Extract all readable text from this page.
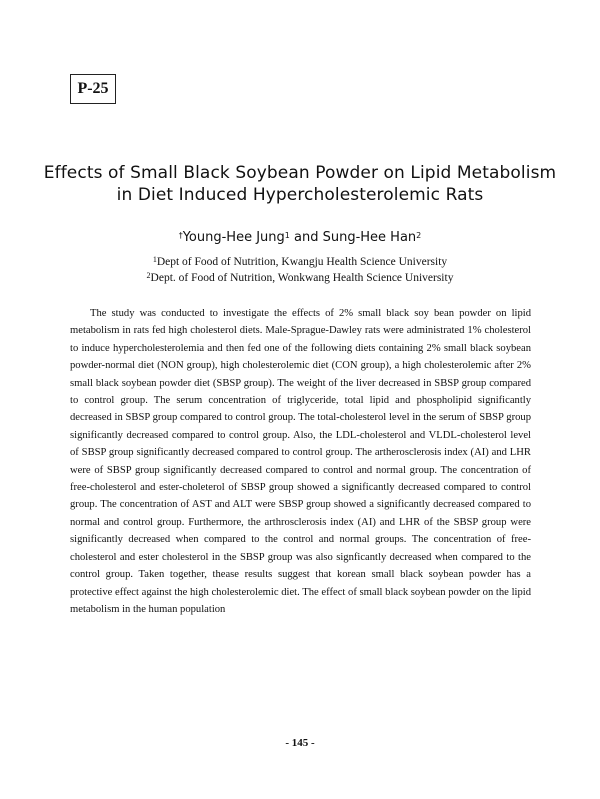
P-25
Effects of Small Black Soybean Powder on Lipid Metabolism
in Diet Induced Hypercholesterolemic Rats
†Young-Hee Jung$^1$ and Sung-Hee Han$^2$
$^1$Dept of Food of Nutrition, Kwangju Health Science University
$^2$Dept. of Food of Nutrition, Wonkwang Health Science University

The study was conducted to investigate the effects of 2% small black soy bean powder on lipid metabolism in rats fed high cholesterol diets. Male-Sprague-Dawley rats were administrated 1% cholesterol to induce hypercholesterolemia and then fed one of the following diets containing 2% small black soybean powder-normal diet (NON group), high cholesterolemic diet (CON group), a high cholesterolemic after 2% small black soybean powder diet (SBSP group). The weight of the liver decreased in SBSP group compared to control group. The serum concentration of triglyceride, total lipid and phospholipid significantly decreased in SBSP group compared to control group. The total-cholesterol level in the serum of SBSP group significantly decreased compared to control group. Also, the LDL-cholesterol and VLDL-cholesterol level of SBSP group significantly decreased compared to control group. The artherosclerosis index (AI) and LHR were of SBSP group significantly decreased compared to control and normal group. The concentration of free-cholesterol and ester-choleterol of SBSP group showed a significantly decreased compared to control group. The concentration of AST and ALT were SBSP group showed a significantly decreased compared to normal and control group. Furthermore, the arthrosclerosis index (AI) and LHR of the SBSP group were significantly decreased when compared to the control and normal groups. The concentration of free-cholesterol and ester cholesterol in the SBSP group was also signficantly decreased when compared to the control group. Taken together, thease results suggest that korean small black soybean powder has a protective effect against the high cholesterolemic diet. The effect of small black soybean powder on the lipid metabolism in the human population

- 145 -
